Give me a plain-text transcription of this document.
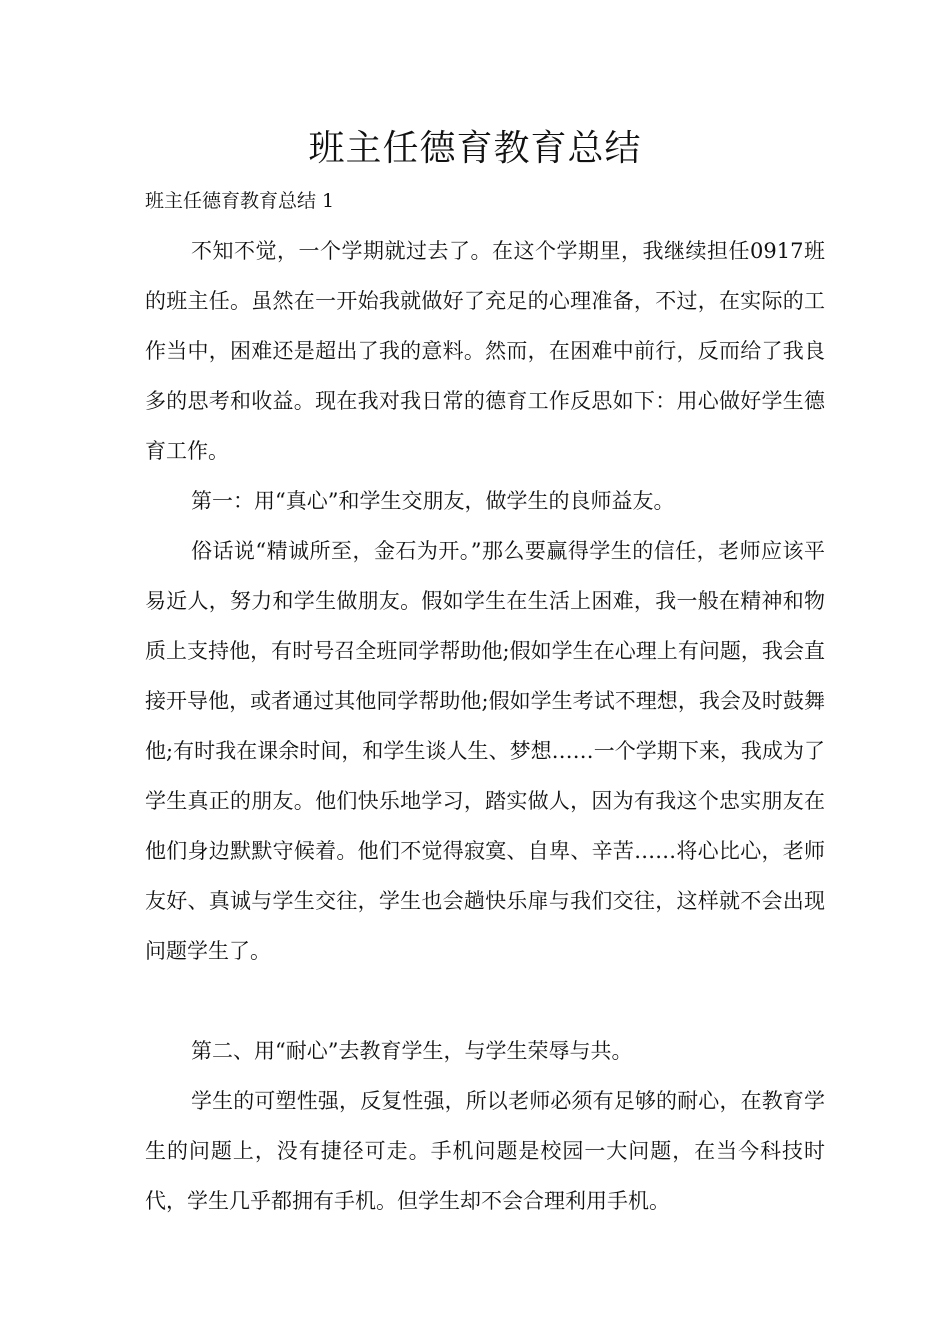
班主任德育教育总结

班主任德育教育总结 1

不知不觉，一个学期就过去了。在这个学期里，我继续担任0917班的班主任。虽然在一开始我就做好了充足的心理准备，不过，在实际的工作当中，困难还是超出了我的意料。然而，在困难中前行，反而给了我良多的思考和收益。现在我对我日常的德育工作反思如下：用心做好学生德育工作。

第一：用“真心”和学生交朋友，做学生的良师益友。

俗话说“精诚所至，金石为开。”那么要赢得学生的信任，老师应该平易近人，努力和学生做朋友。假如学生在生活上困难，我一般在精神和物质上支持他，有时号召全班同学帮助他;假如学生在心理上有问题，我会直接开导他，或者通过其他同学帮助他;假如学生考试不理想，我会及时鼓舞他;有时我在课余时间，和学生谈人生、梦想……一个学期下来，我成为了学生真正的朋友。他们快乐地学习，踏实做人，因为有我这个忠实朋友在他们身边默默守候着。他们不觉得寂寞、自卑、辛苦……将心比心，老师友好、真诚与学生交往，学生也会趟快乐扉与我们交往，这样就不会出现问题学生了。

第二、用“耐心”去教育学生，与学生荣辱与共。

学生的可塑性强，反复性强，所以老师必须有足够的耐心，在教育学生的问题上，没有捷径可走。手机问题是校园一大问题，在当今科技时代，学生几乎都拥有手机。但学生却不会合理利用手机。
